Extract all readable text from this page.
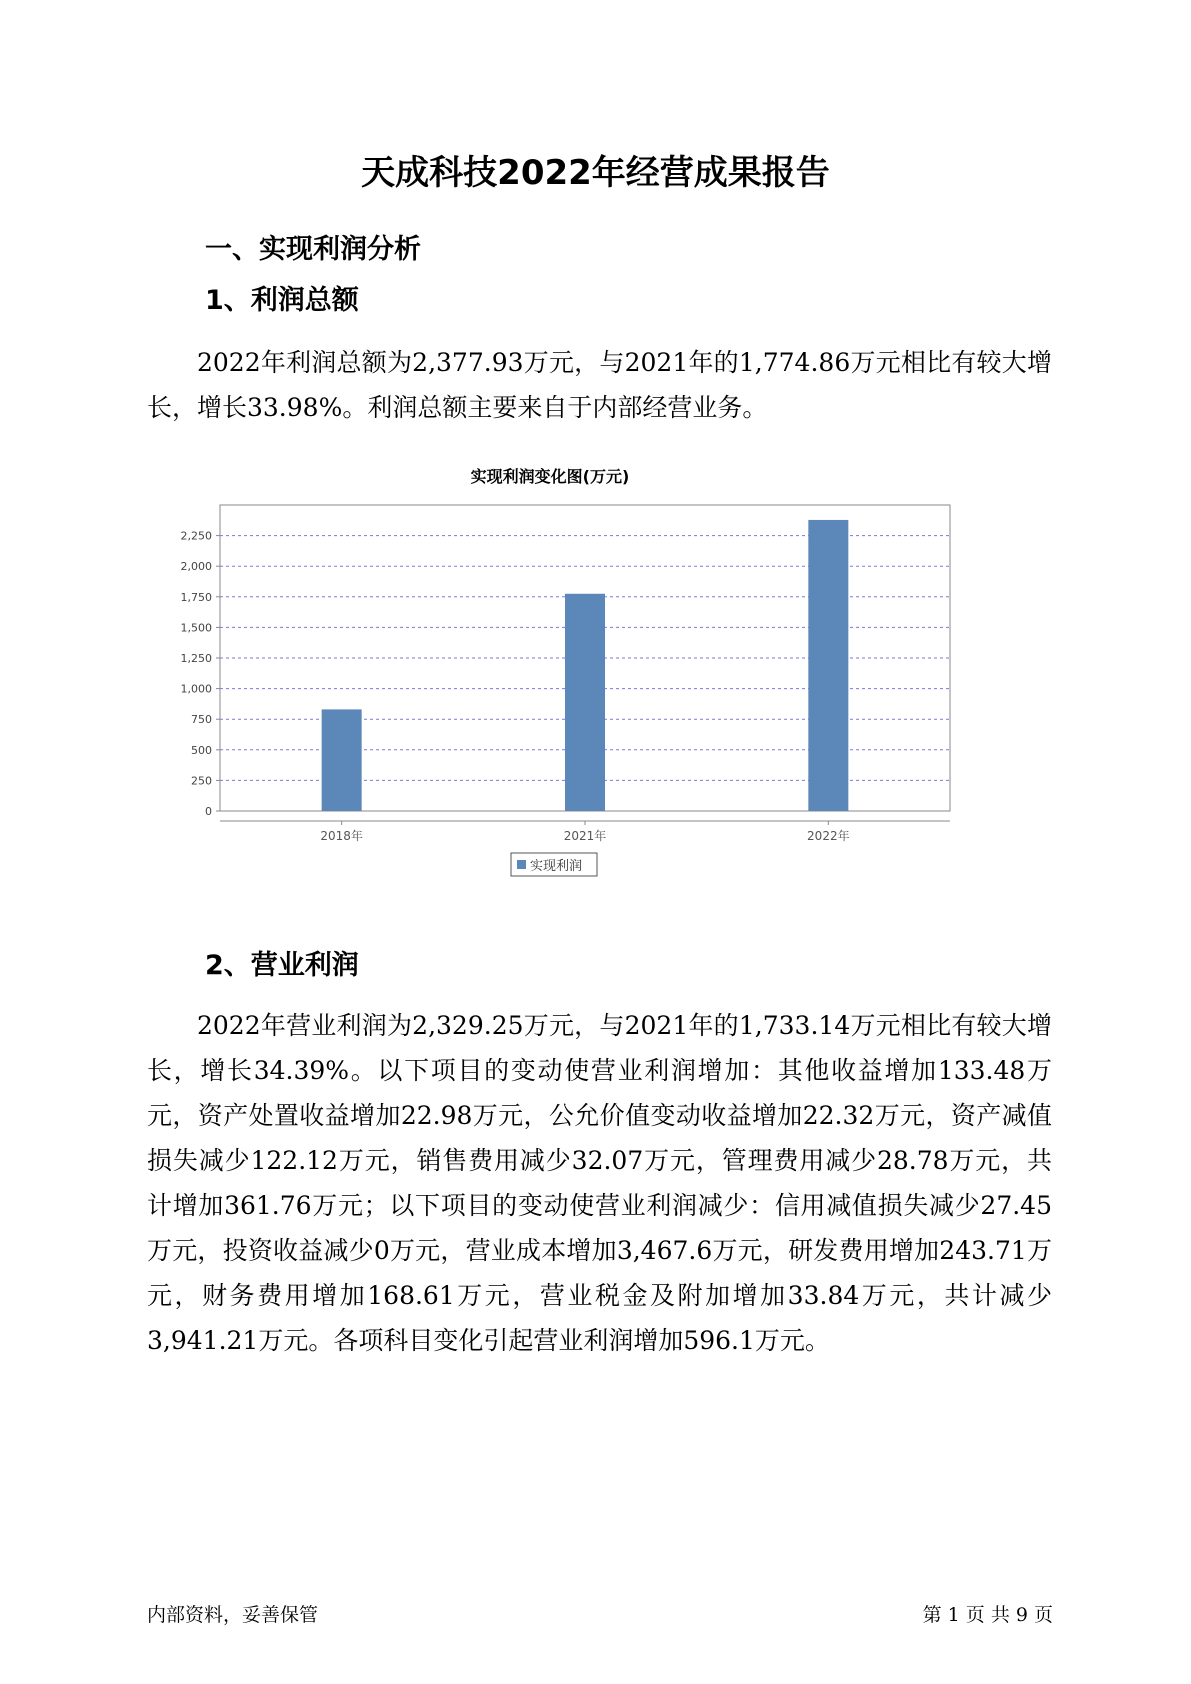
天成科技2022年经营成果报告
一、实现利润分析
1、利润总额

2022年利润总额为2,377.93万元，与2021年的1,774.86万元相比有较大增长，增长33.98%。利润总额主要来自于内部经营业务。

实现利润变化图(万元)
0
250
500
750
1,000
1,250
1,500
1,750
2,000
2,250
2018年	2021年	2022年
实现利润
2、营业利润

2022年营业利润为2,329.25万元，与2021年的1,733.14万元相比有较大增长，增长34.39%。以下项目的变动使营业利润增加：其他收益增加133.48万元，资产处置收益增加22.98万元，公允价值变动收益增加22.32万元，资产减值损失减少122.12万元，销售费用减少32.07万元，管理费用减少28.78万元，共计增加361.76万元；以下项目的变动使营业利润减少：信用减值损失减少27.45万元，投资收益减少0万元，营业成本增加3,467.6万元，研发费用增加243.71万元，财务费用增加168.61万元，营业税金及附加增加33.84万元，共计减少3,941.21万元。各项科目变化引起营业利润增加596.1万元。

内部资料，妥善保管	第 1 页 共 9 页
